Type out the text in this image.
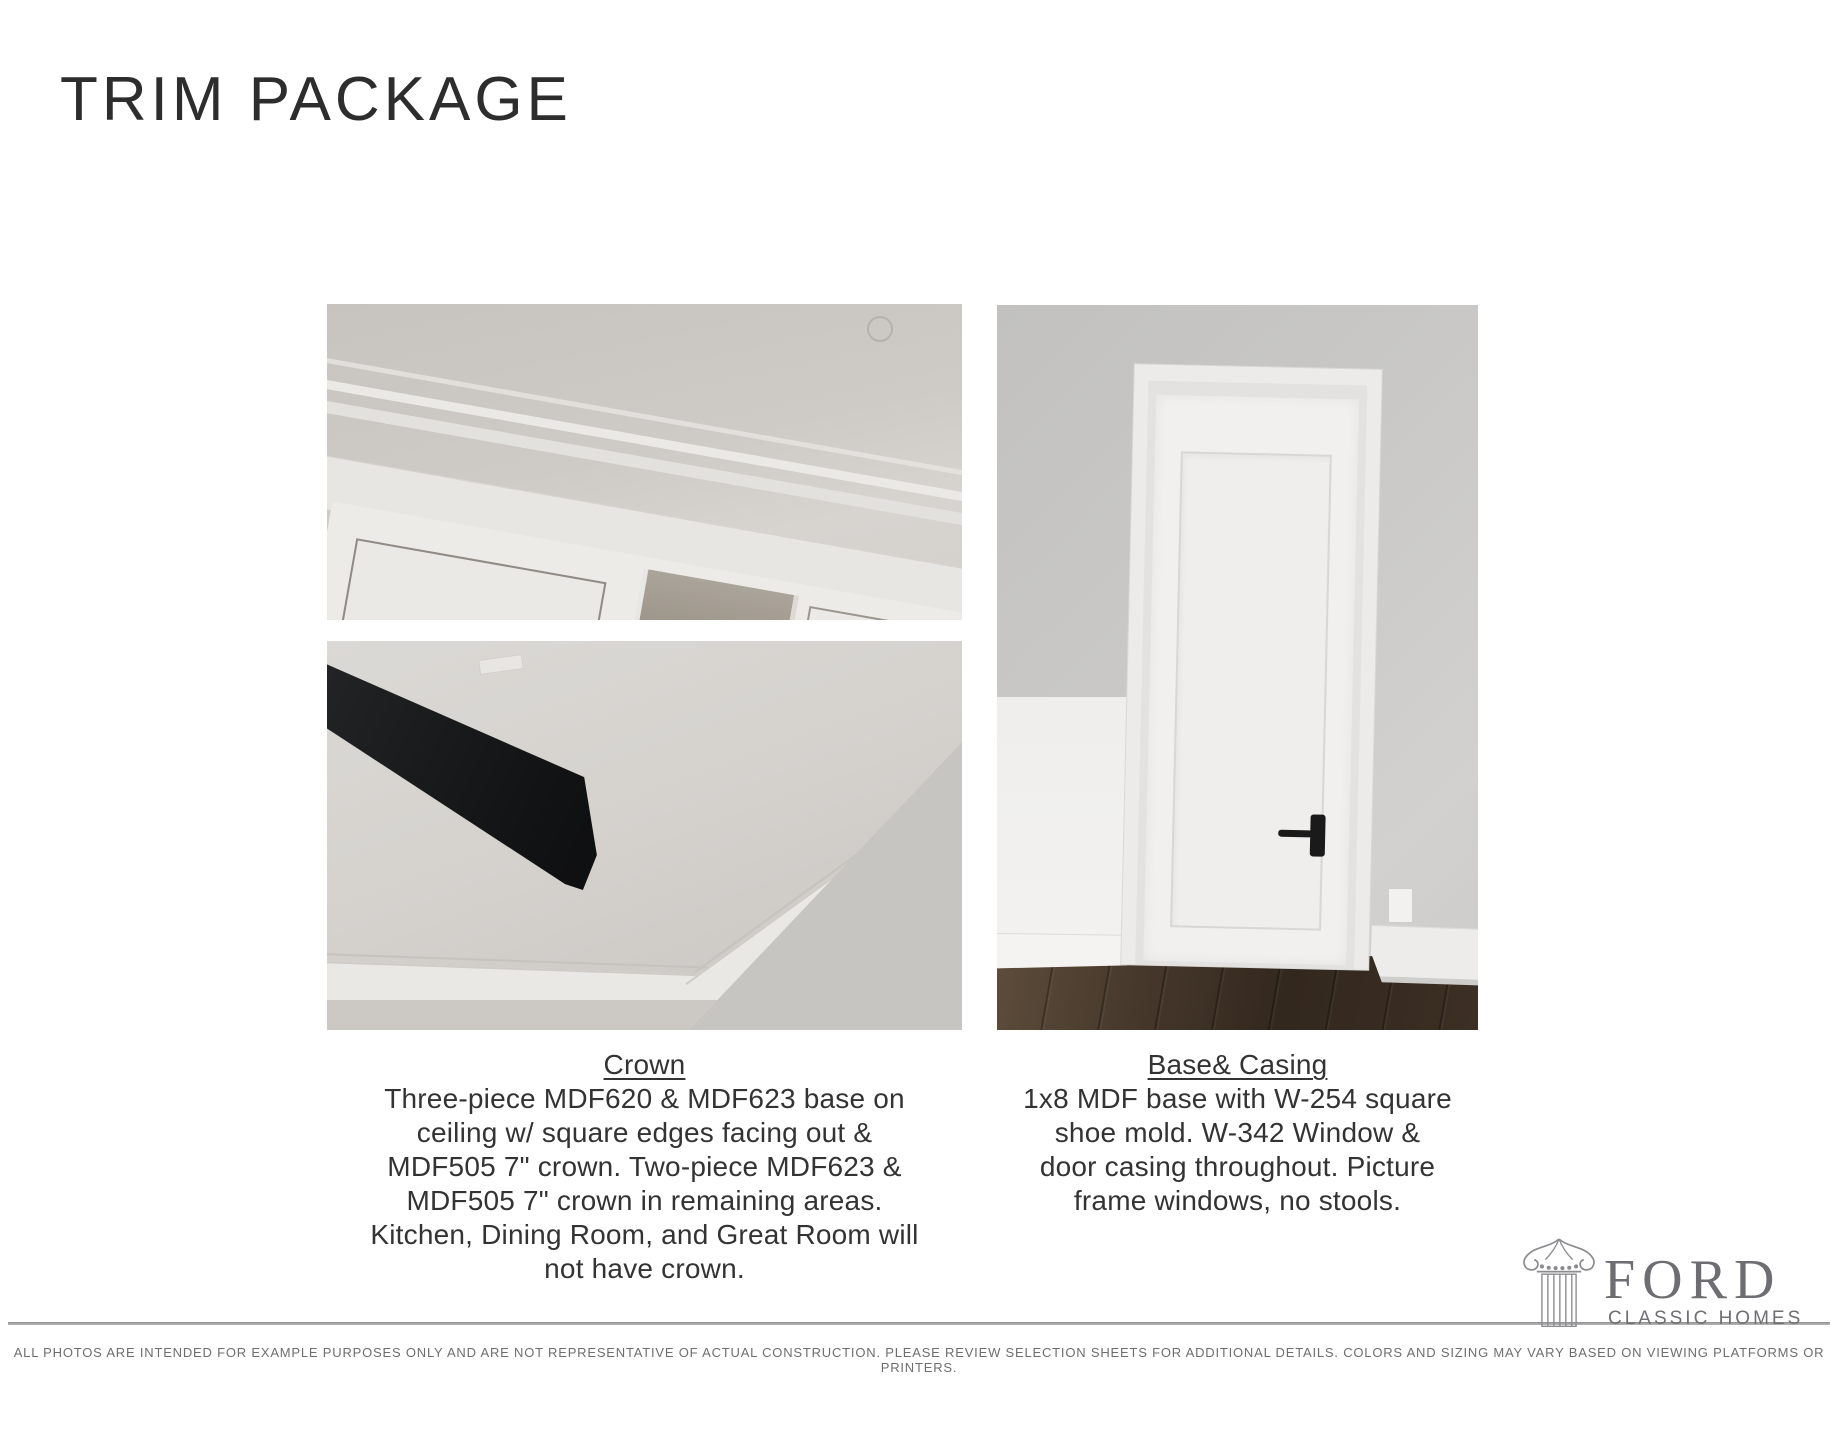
TRIM PACKAGE
Crown
Three-piece MDF620 & MDF623 base on
ceiling w/ square edges facing out &
MDF505 7" crown. Two-piece MDF623 &
MDF505 7" crown in remaining areas.
Kitchen, Dining Room, and Great Room will
not have crown.
Base& Casing
1x8 MDF base with W-254 square
shoe mold. W-342 Window &
door casing throughout. Picture
frame windows, no stools.
FORD
CLASSIC HOMES
ALL PHOTOS ARE INTENDED FOR EXAMPLE PURPOSES ONLY AND ARE NOT REPRESENTATIVE OF ACTUAL CONSTRUCTION. PLEASE REVIEW SELECTION SHEETS FOR ADDITIONAL DETAILS. COLORS AND SIZING MAY VARY BASED ON VIEWING PLATFORMS OR PRINTERS.
